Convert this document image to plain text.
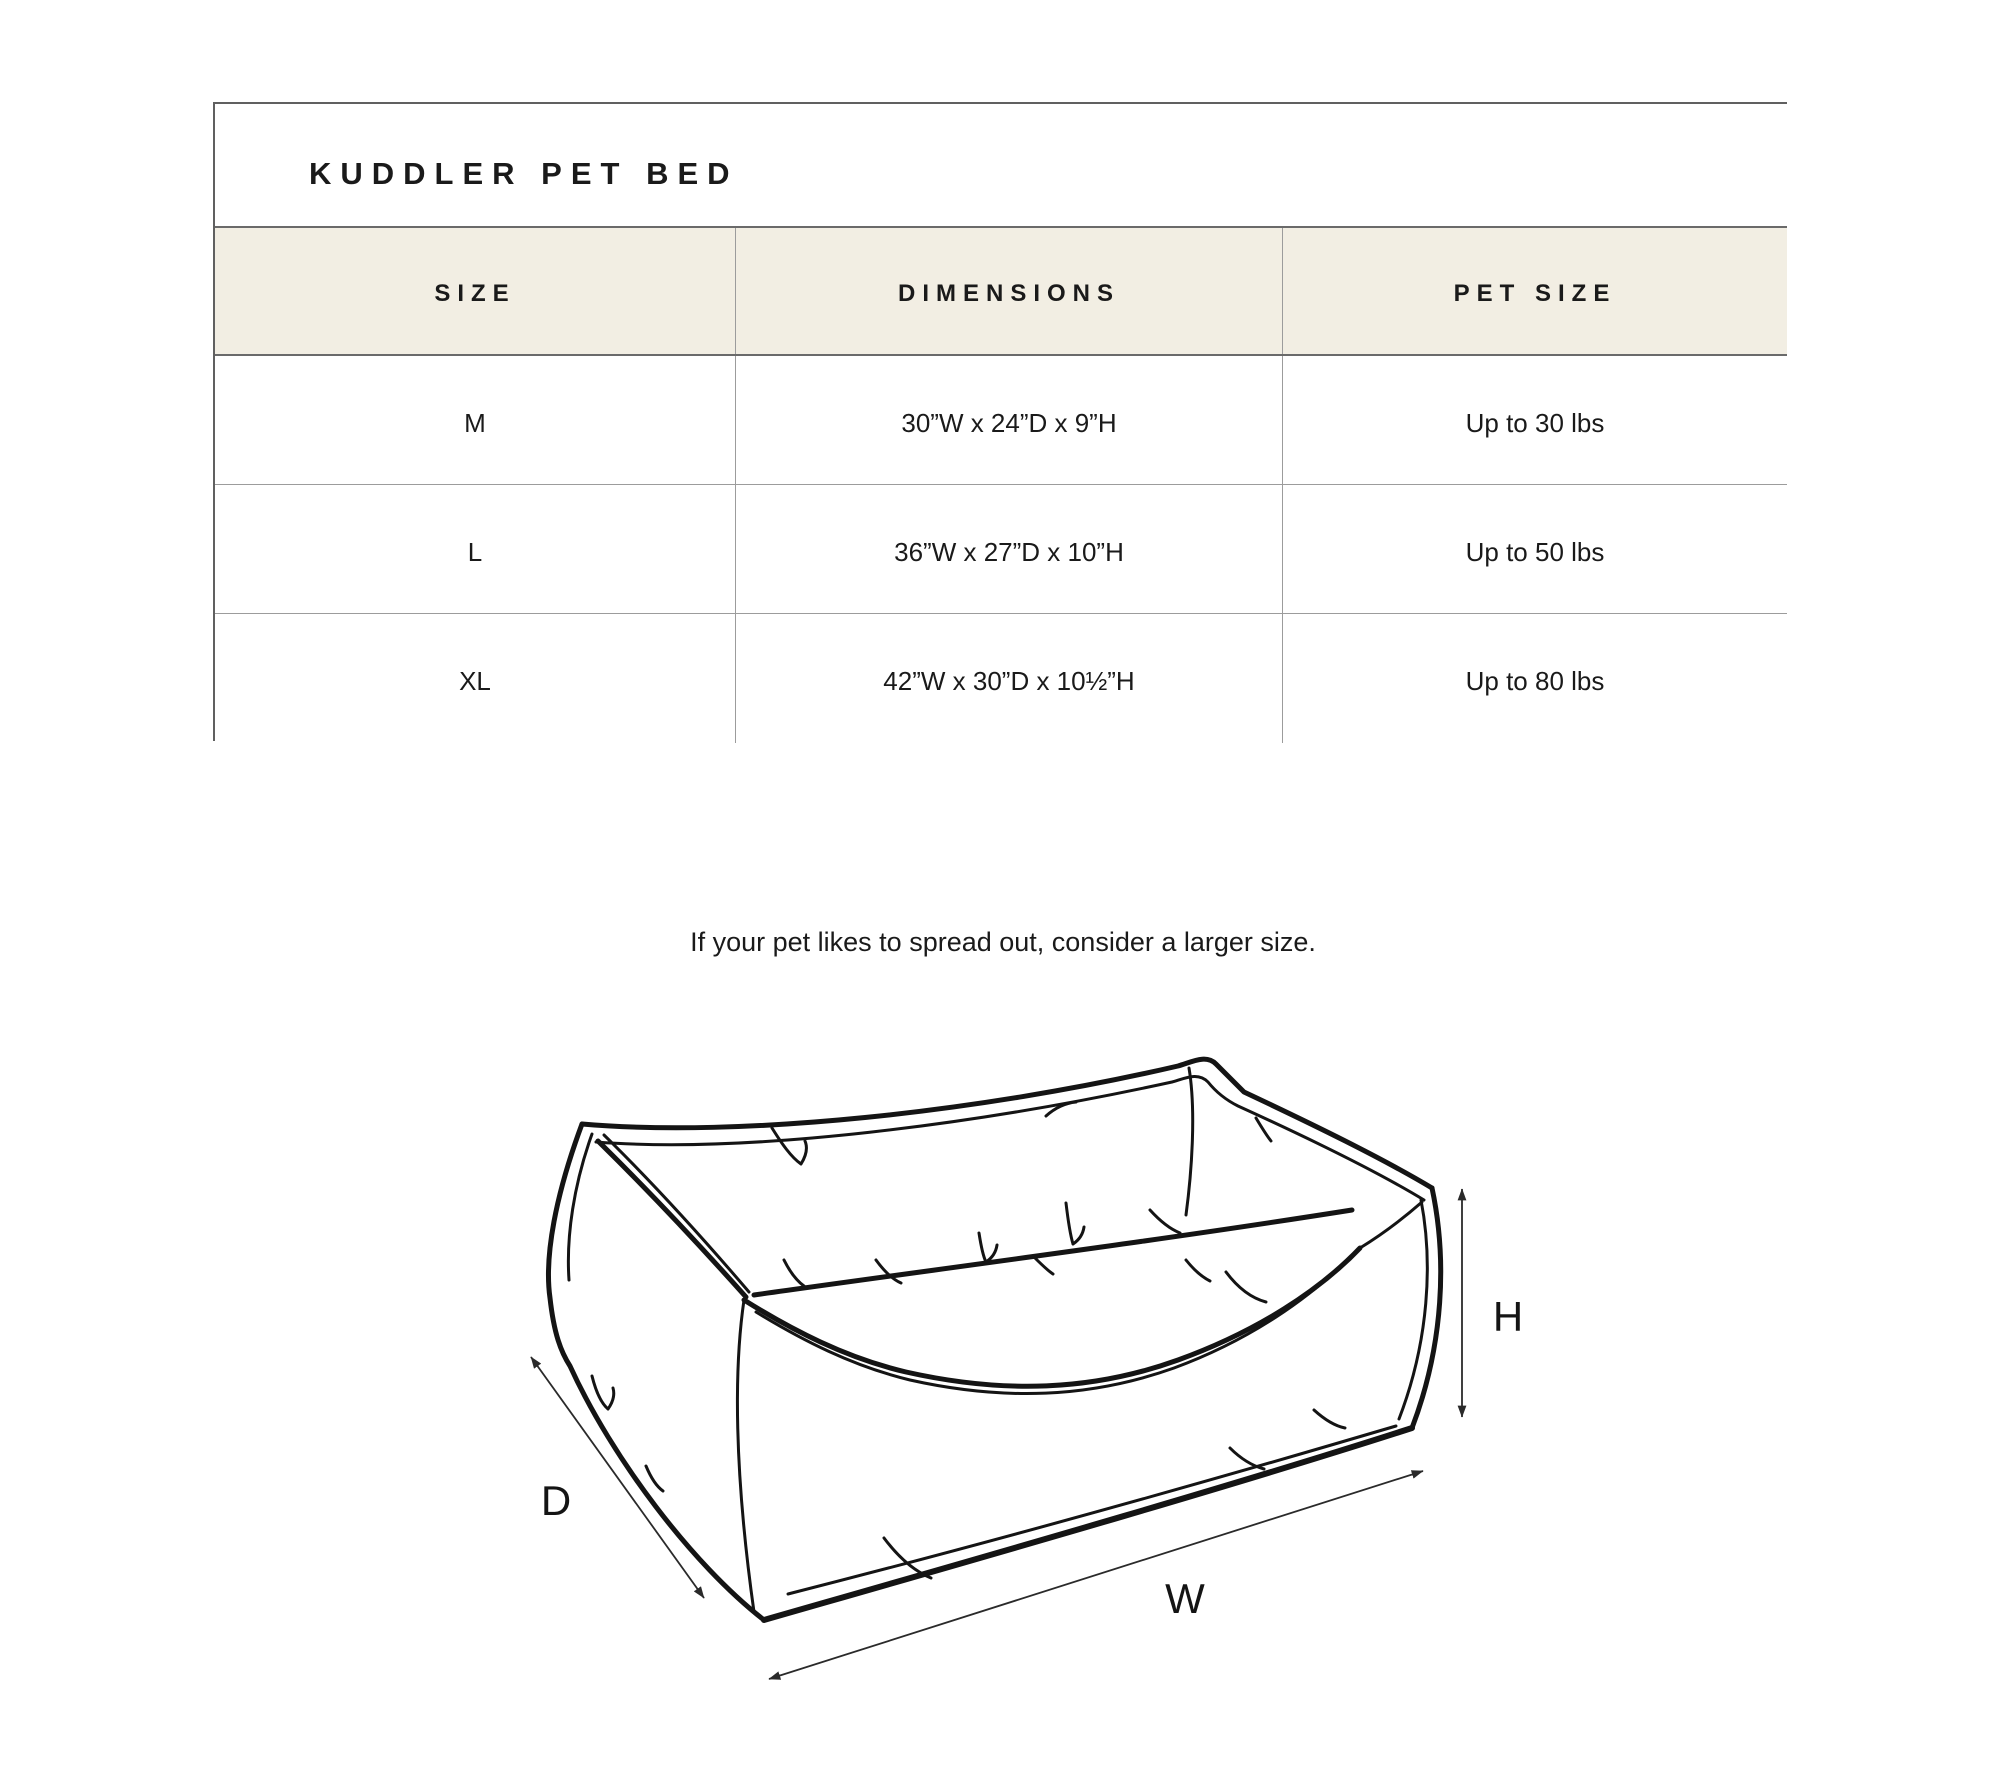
KUDDLER PET BED
SIZE	DIMENSIONS	PET SIZE
M	30”W x 24”D x 9”H	Up to 30 lbs
L	36”W x 27”D x 10”H	Up to 50 lbs
XL	42”W x 30”D x 10½”H	Up to 80 lbs
If your pet likes to spread out, consider a larger size.
H
D
W
